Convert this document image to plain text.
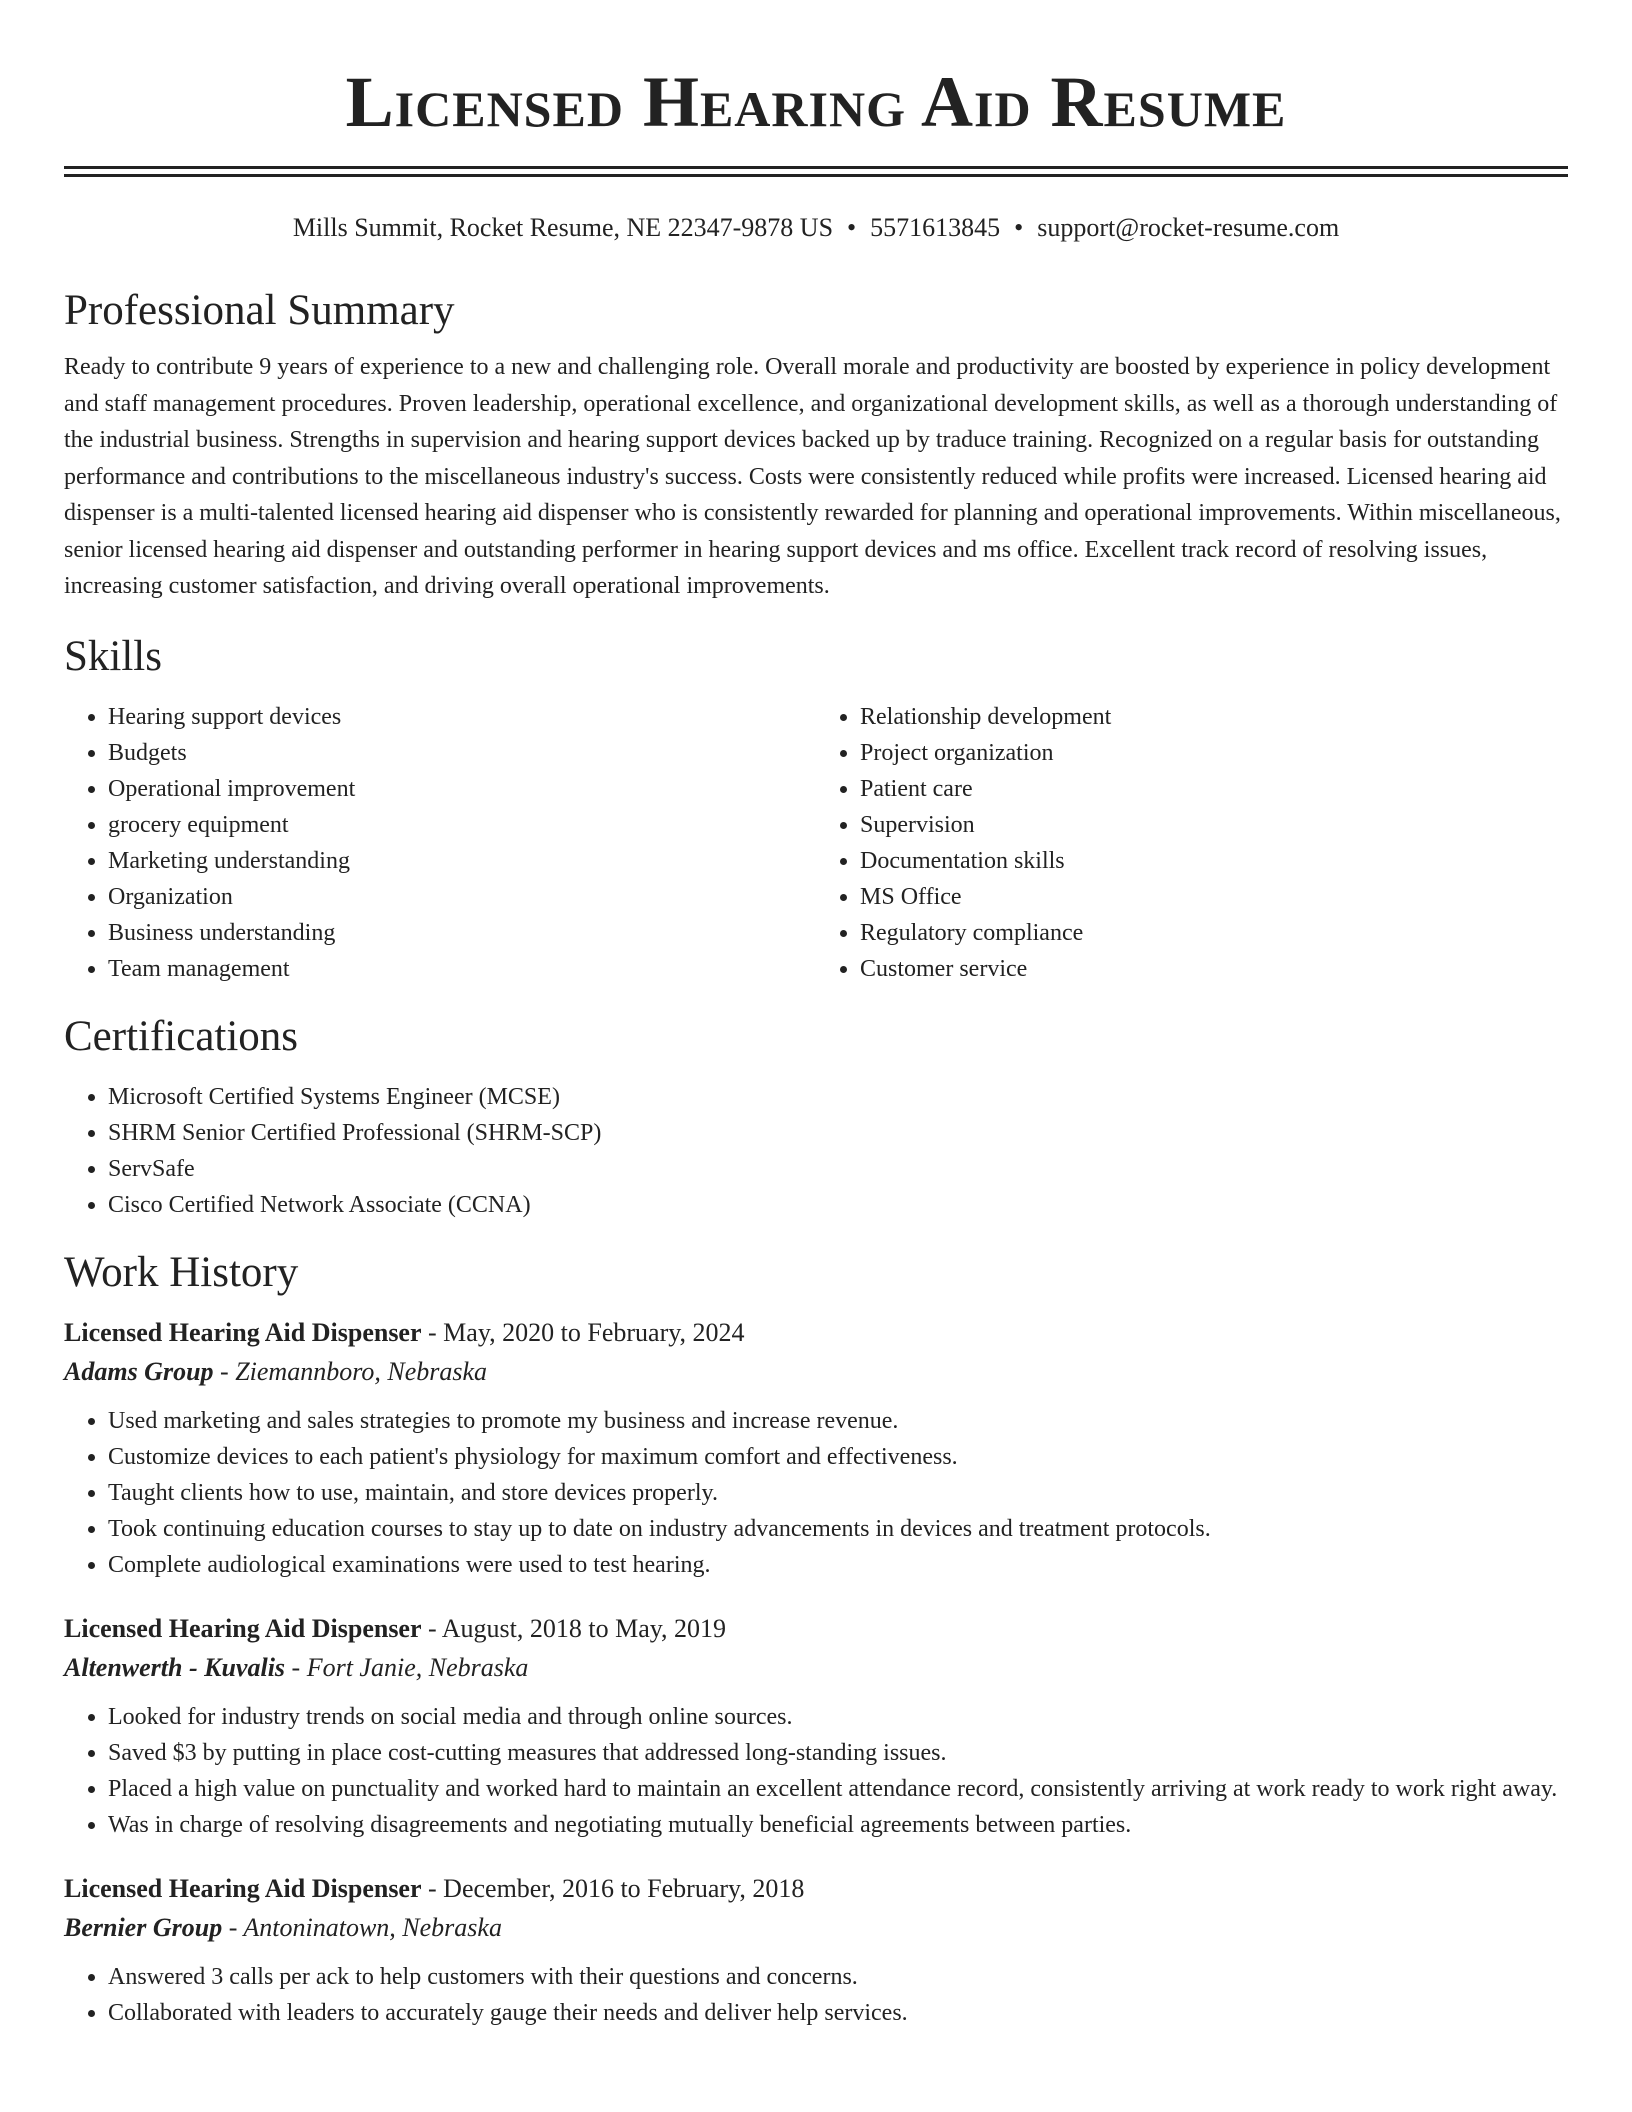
Licensed Hearing Aid Resume
Mills Summit, Rocket Resume, NE 22347-9878 US • 5571613845 • support@rocket-resume.com
Professional Summary

Ready to contribute 9 years of experience to a new and challenging role. Overall morale and productivity are boosted by experience in policy development and staff management procedures. Proven leadership, operational excellence, and organizational development skills, as well as a thorough understanding of the industrial business. Strengths in supervision and hearing support devices backed up by traduce training. Recognized on a regular basis for outstanding performance and contributions to the miscellaneous industry's success. Costs were consistently reduced while profits were increased. Licensed hearing aid dispenser is a multi-talented licensed hearing aid dispenser who is consistently rewarded for planning and operational improvements. Within miscellaneous, senior licensed hearing aid dispenser and outstanding performer in hearing support devices and ms office. Excellent track record of resolving issues, increasing customer satisfaction, and driving overall operational improvements.

Skills
• Hearing support devices
• Budgets
• Operational improvement
• grocery equipment
• Marketing understanding
• Organization
• Business understanding
• Team management
• Relationship development
• Project organization
• Patient care
• Supervision
• Documentation skills
• MS Office
• Regulatory compliance
• Customer service
Certifications
• Microsoft Certified Systems Engineer (MCSE)
• SHRM Senior Certified Professional (SHRM-SCP)
• ServSafe
• Cisco Certified Network Associate (CCNA)
Work History
Licensed Hearing Aid Dispenser - May, 2020 to February, 2024
Adams Group - Ziemannboro, Nebraska
• Used marketing and sales strategies to promote my business and increase revenue.
• Customize devices to each patient's physiology for maximum comfort and effectiveness.
• Taught clients how to use, maintain, and store devices properly.
• Took continuing education courses to stay up to date on industry advancements in devices and treatment protocols.
• Complete audiological examinations were used to test hearing.
Licensed Hearing Aid Dispenser - August, 2018 to May, 2019
Altenwerth - Kuvalis - Fort Janie, Nebraska
• Looked for industry trends on social media and through online sources.
• Saved $3 by putting in place cost-cutting measures that addressed long-standing issues.
• Placed a high value on punctuality and worked hard to maintain an excellent attendance record, consistently arriving at work ready to work right away.
• Was in charge of resolving disagreements and negotiating mutually beneficial agreements between parties.
Licensed Hearing Aid Dispenser - December, 2016 to February, 2018
Bernier Group - Antoninatown, Nebraska
• Answered 3 calls per ack to help customers with their questions and concerns.
• Collaborated with leaders to accurately gauge their needs and deliver help services.
